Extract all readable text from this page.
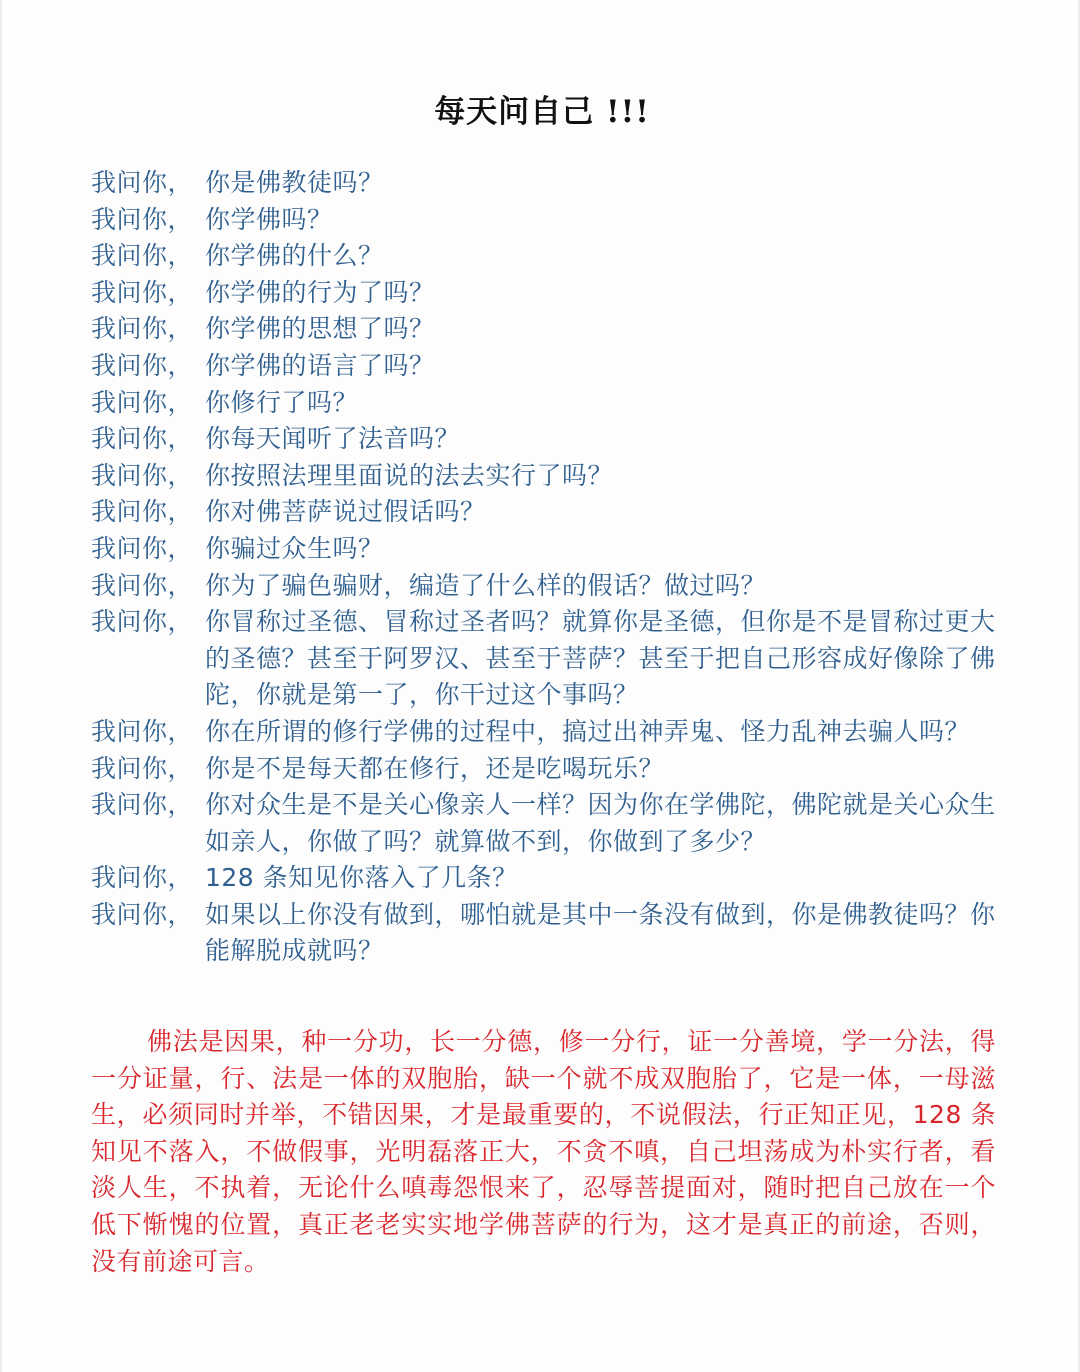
每天问自己 !!!
我问你， 你是佛教徒吗？
我问你， 你学佛吗？
我问你， 你学佛的什么？
我问你， 你学佛的行为了吗？
我问你， 你学佛的思想了吗？
我问你， 你学佛的语言了吗？
我问你， 你修行了吗？
我问你， 你每天闻听了法音吗？
我问你， 你按照法理里面说的法去实行了吗？
我问你， 你对佛菩萨说过假话吗？
我问你， 你骗过众生吗？
我问你， 你为了骗色骗财，编造了什么样的假话？做过吗？
我问你， 你冒称过圣德、冒称过圣者吗？就算你是圣德，但你是不是冒称过更大的圣德？甚至于阿罗汉、甚至于菩萨？甚至于把自己形容成好像除了佛陀，你就是第一了，你干过这个事吗？
我问你， 你在所谓的修行学佛的过程中，搞过出神弄鬼、怪力乱神去骗人吗？
我问你， 你是不是每天都在修行，还是吃喝玩乐？
我问你， 你对众生是不是关心像亲人一样？因为你在学佛陀，佛陀就是关心众生如亲人，你做了吗？就算做不到，你做到了多少？
我问你， 128 条知见你落入了几条？
我问你， 如果以上你没有做到，哪怕就是其中一条没有做到，你是佛教徒吗？你能解脱成就吗？
佛法是因果，种一分功，长一分德，修一分行，证一分善境，学一分法，得一分证量，行、法是一体的双胞胎，缺一个就不成双胞胎了，它是一体，一母滋生，必须同时并举，不错因果，才是最重要的，不说假法，行正知正见，128 条知见不落入，不做假事，光明磊落正大，不贪不嗔，自己坦荡成为朴实行者，看淡人生，不执着，无论什么嗔毒怨恨来了，忍辱菩提面对，随时把自己放在一个低下惭愧的位置，真正老老实实地学佛菩萨的行为，这才是真正的前途，否则，没有前途可言。
